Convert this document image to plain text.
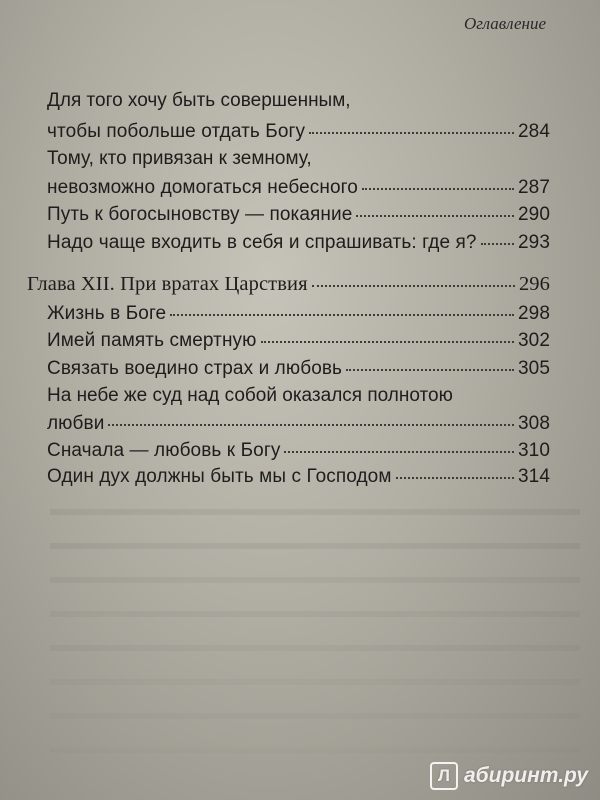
Оглавление
Для того хочу быть совершенным,
чтобы побольше отдать Богу	284
Тому, кто привязан к земному,
невозможно домогаться небесного	287
Путь к богосыновству — покаяние	290
Надо чаще входить в себя и спрашивать: где я? 293
Глава XII. При вратах Царствия	296
Жизнь в Боге	298
Имей память смертную	302
Связать воедино страх и любовь	305
На небе же суд над собой оказался полнотою
любви	308
Сначала — любовь к Богу	310
Один дух должны быть мы с Господом	314
Л абиринт.ру
